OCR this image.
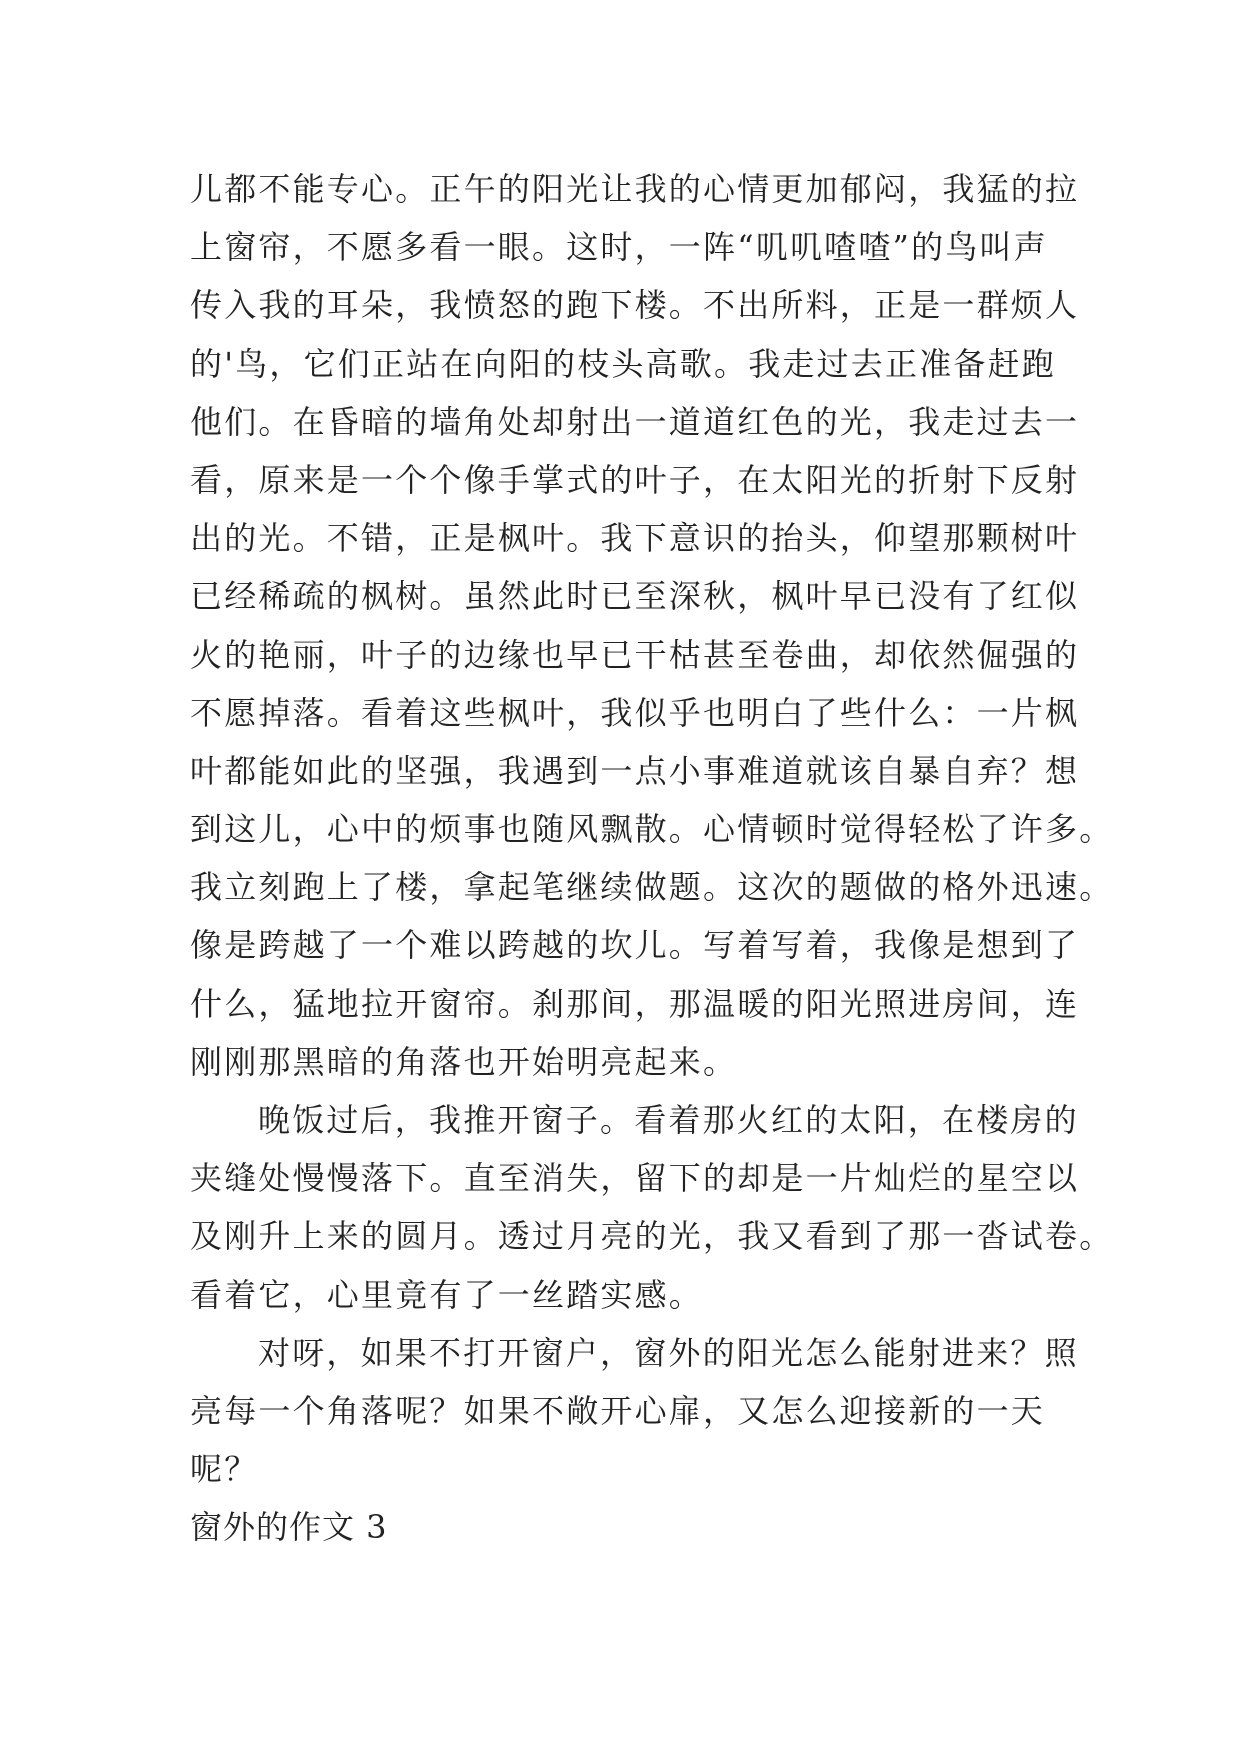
儿都不能专心。正午的阳光让我的心情更加郁闷，我猛的拉
上窗帘，不愿多看一眼。这时，一阵“叽叽喳喳”的鸟叫声
传入我的耳朵，我愤怒的跑下楼。不出所料，正是一群烦人
的'鸟，它们正站在向阳的枝头高歌。我走过去正准备赶跑
他们。在昏暗的墙角处却射出一道道红色的光，我走过去一
看，原来是一个个像手掌式的叶子，在太阳光的折射下反射
出的光。不错，正是枫叶。我下意识的抬头，仰望那颗树叶
已经稀疏的枫树。虽然此时已至深秋，枫叶早已没有了红似
火的艳丽，叶子的边缘也早已干枯甚至卷曲，却依然倔强的
不愿掉落。看着这些枫叶，我似乎也明白了些什么：一片枫
叶都能如此的坚强，我遇到一点小事难道就该自暴自弃？想
到这儿，心中的烦事也随风飘散。心情顿时觉得轻松了许多。
我立刻跑上了楼，拿起笔继续做题。这次的题做的格外迅速。
像是跨越了一个难以跨越的坎儿。写着写着，我像是想到了
什么，猛地拉开窗帘。刹那间，那温暖的阳光照进房间，连
刚刚那黑暗的角落也开始明亮起来。
晚饭过后，我推开窗子。看着那火红的太阳，在楼房的
夹缝处慢慢落下。直至消失，留下的却是一片灿烂的星空以
及刚升上来的圆月。透过月亮的光，我又看到了那一沓试卷。
看着它，心里竟有了一丝踏实感。
对呀，如果不打开窗户，窗外的阳光怎么能射进来？照
亮每一个角落呢？如果不敞开心扉，又怎么迎接新的一天
呢？
窗外的作文 3
